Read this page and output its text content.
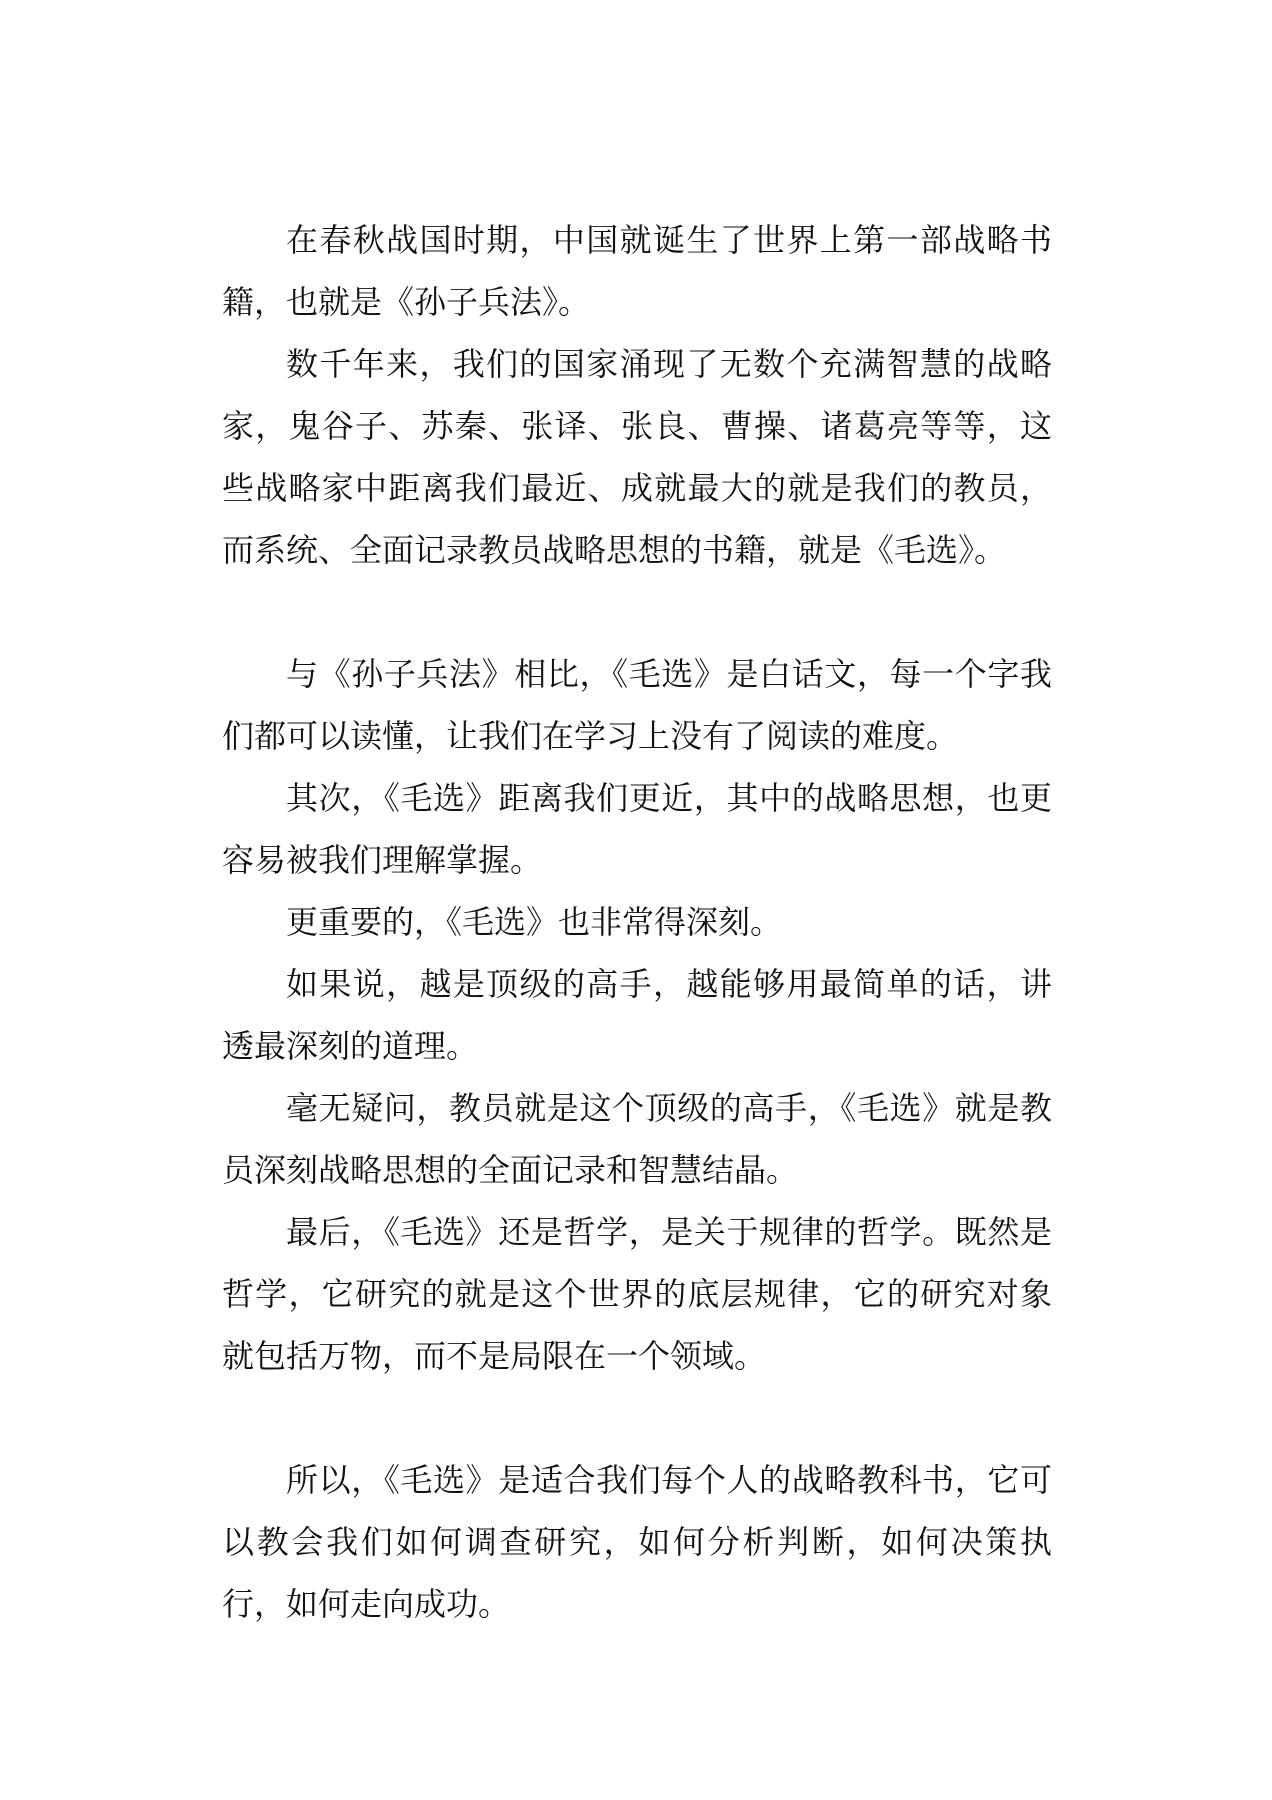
在春秋战国时期，中国就诞生了世界上第一部战略书籍，也就是《孙子兵法》。

数千年来，我们的国家涌现了无数个充满智慧的战略家，鬼谷子、苏秦、张译、张良、曹操、诸葛亮等等，这些战略家中距离我们最近、成就最大的就是我们的教员，而系统、全面记录教员战略思想的书籍，就是《毛选》。

与《孙子兵法》相比，《毛选》是白话文，每一个字我们都可以读懂，让我们在学习上没有了阅读的难度。

其次，《毛选》距离我们更近，其中的战略思想，也更容易被我们理解掌握。

更重要的，《毛选》也非常得深刻。

如果说，越是顶级的高手，越能够用最简单的话，讲透最深刻的道理。

毫无疑问，教员就是这个顶级的高手，《毛选》就是教员深刻战略思想的全面记录和智慧结晶。

最后，《毛选》还是哲学，是关于规律的哲学。既然是哲学，它研究的就是这个世界的底层规律，它的研究对象就包括万物，而不是局限在一个领域。

所以，《毛选》是适合我们每个人的战略教科书，它可以教会我们如何调查研究，如何分析判断，如何决策执行，如何走向成功。
